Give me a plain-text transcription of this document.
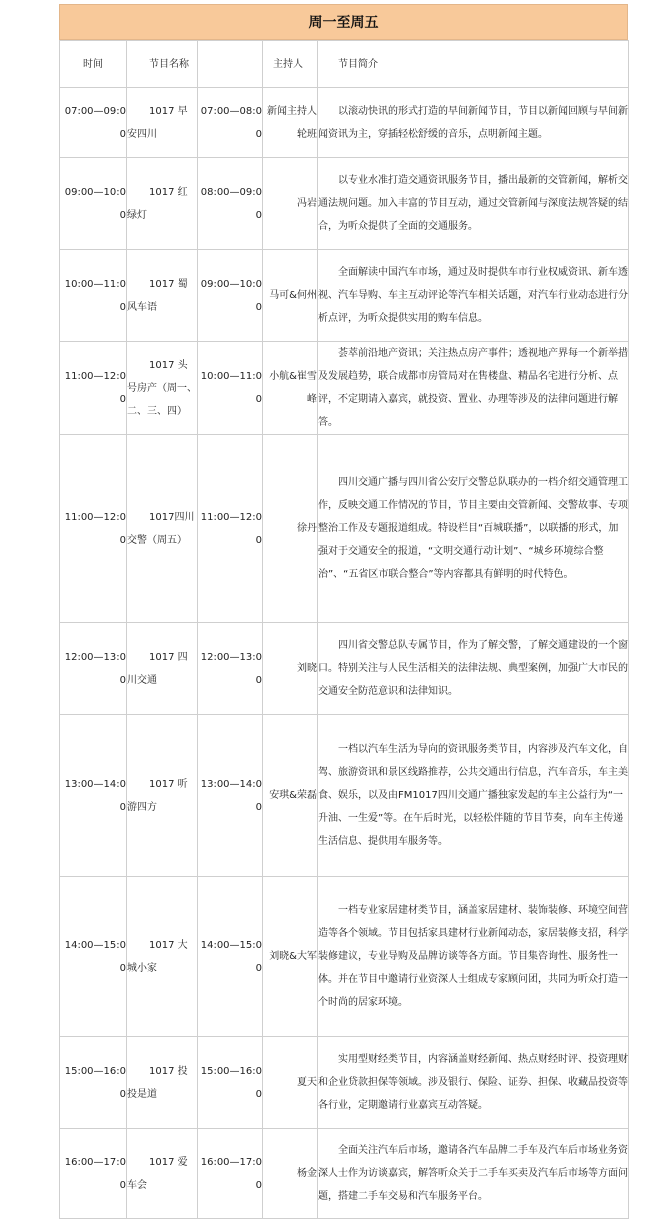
周一至周五
时间	节目名称		主持人	节目简介
07:00—09:00	1017 早安四川	07:00—08:00	新闻主持人轮班	以滚动快讯的形式打造的早间新闻节目，节目以新闻回顾与早间新闻资讯为主，穿插轻松舒缓的音乐，点明新闻主题。
09:00—10:00	1017 红绿灯	08:00—09:00	冯岩	以专业水准打造交通资讯服务节目，播出最新的交管新闻，解析交通法规问题。加入丰富的节目互动，通过交管新闻与深度法规答疑的结合，为听众提供了全面的交通服务。
10:00—11:00	1017 蜀风车语	09:00—10:00	马可&何州	全面解读中国汽车市场，通过及时提供车市行业权威资讯、新车透视、汽车导购、车主互动评论等汽车相关话题，对汽车行业动态进行分析点评，为听众提供实用的购车信息。
11:00—12:00	1017 头号房产（周一、二、三、四）	10:00—11:00	小航&崔雪峰	荟萃前沿地产资讯；关注热点房产事件；透视地产界每一个新举措及发展趋势，联合成都市房管局对在售楼盘、精品名宅进行分析、点评，不定期请入嘉宾，就投资、置业、办理等涉及的法律问题进行解答。
11:00—12:00	1017四川交警（周五）	11:00—12:00	徐丹	四川交通广播与四川省公安厅交警总队联办的一档介绍交通管理工作，反映交通工作情况的节目，节目主要由交管新闻、交警故事、专项整治工作及专题报道组成。特设栏目“百城联播”，以联播的形式，加强对于交通安全的报道，“文明交通行动计划”、“城乡环境综合整治”、“五省区市联合整合”等内容都具有鲜明的时代特色。
12:00—13:00	1017 四川交通	12:00—13:00	刘晓	四川省交警总队专属节目，作为了解交警，了解交通建设的一个窗口。特别关注与人民生活相关的法律法规、典型案例，加强广大市民的交通安全防范意识和法律知识。
13:00—14:00	1017 听游四方	13:00—14:00	安琪&荣磊	一档以汽车生活为导向的资讯服务类节目，内容涉及汽车文化，自驾、旅游资讯和景区线路推荐，公共交通出行信息，汽车音乐，车主美食、娱乐，以及由FM1017四川交通广播独家发起的车主公益行为“一升油、一生爱”等。在午后时光，以轻松伴随的节目节奏，向车主传递生活信息、提供用车服务等。
14:00—15:00	1017 大城小家	14:00—15:00	刘晓&大军	一档专业家居建材类节目，涵盖家居建材、装饰装修、环境空间营造等各个领域。节目包括家具建材行业新闻动态，家居装修支招，科学装修建议，专业导购及品牌访谈等各方面。节目集咨询性、服务性一体。并在节目中邀请行业资深人士组成专家顾问团，共同为听众打造一个时尚的居家环境。
15:00—16:00	1017 投投是道	15:00—16:00	夏天	实用型财经类节目，内容涵盖财经新闻、热点财经时评、投资理财和企业贷款担保等领域。涉及银行、保险、证券、担保、收藏品投资等各行业，定期邀请行业嘉宾互动答疑。
16:00—17:00	1017 爱车会	16:00—17:00	杨金	全面关注汽车后市场，邀请各汽车品牌二手车及汽车后市场业务资深人士作为访谈嘉宾，解答听众关于二手车买卖及汽车后市场等方面问题，搭建二手车交易和汽车服务平台。
